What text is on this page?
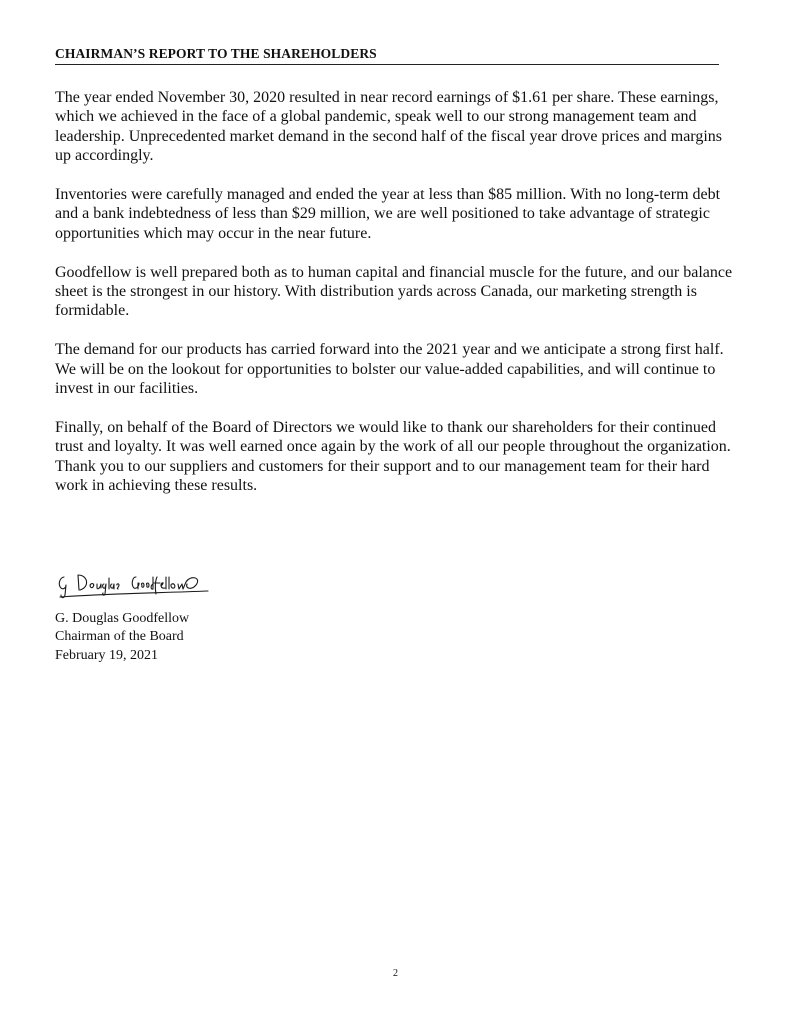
CHAIRMAN’S REPORT TO THE SHAREHOLDERS

The year ended November 30, 2020 resulted in near record earnings of $1.61 per share. These earnings, which we achieved in the face of a global pandemic, speak well to our strong management team and leadership. Unprecedented market demand in the second half of the fiscal year drove prices and margins up accordingly.

Inventories were carefully managed and ended the year at less than $85 million. With no long-term debt and a bank indebtedness of less than $29 million, we are well positioned to take advantage of strategic opportunities which may occur in the near future.

Goodfellow is well prepared both as to human capital and financial muscle for the future, and our balance sheet is the strongest in our history. With distribution yards across Canada, our marketing strength is formidable.

The demand for our products has carried forward into the 2021 year and we anticipate a strong first half. We will be on the lookout for opportunities to bolster our value-added capabilities, and will continue to invest in our facilities.

Finally, on behalf of the Board of Directors we would like to thank our shareholders for their continued trust and loyalty. It was well earned once again by the work of all our people throughout the organization. Thank you to our suppliers and customers for their support and to our management team for their hard work in achieving these results.

G. Douglas Goodfellow
Chairman of the Board
February 19, 2021
2
